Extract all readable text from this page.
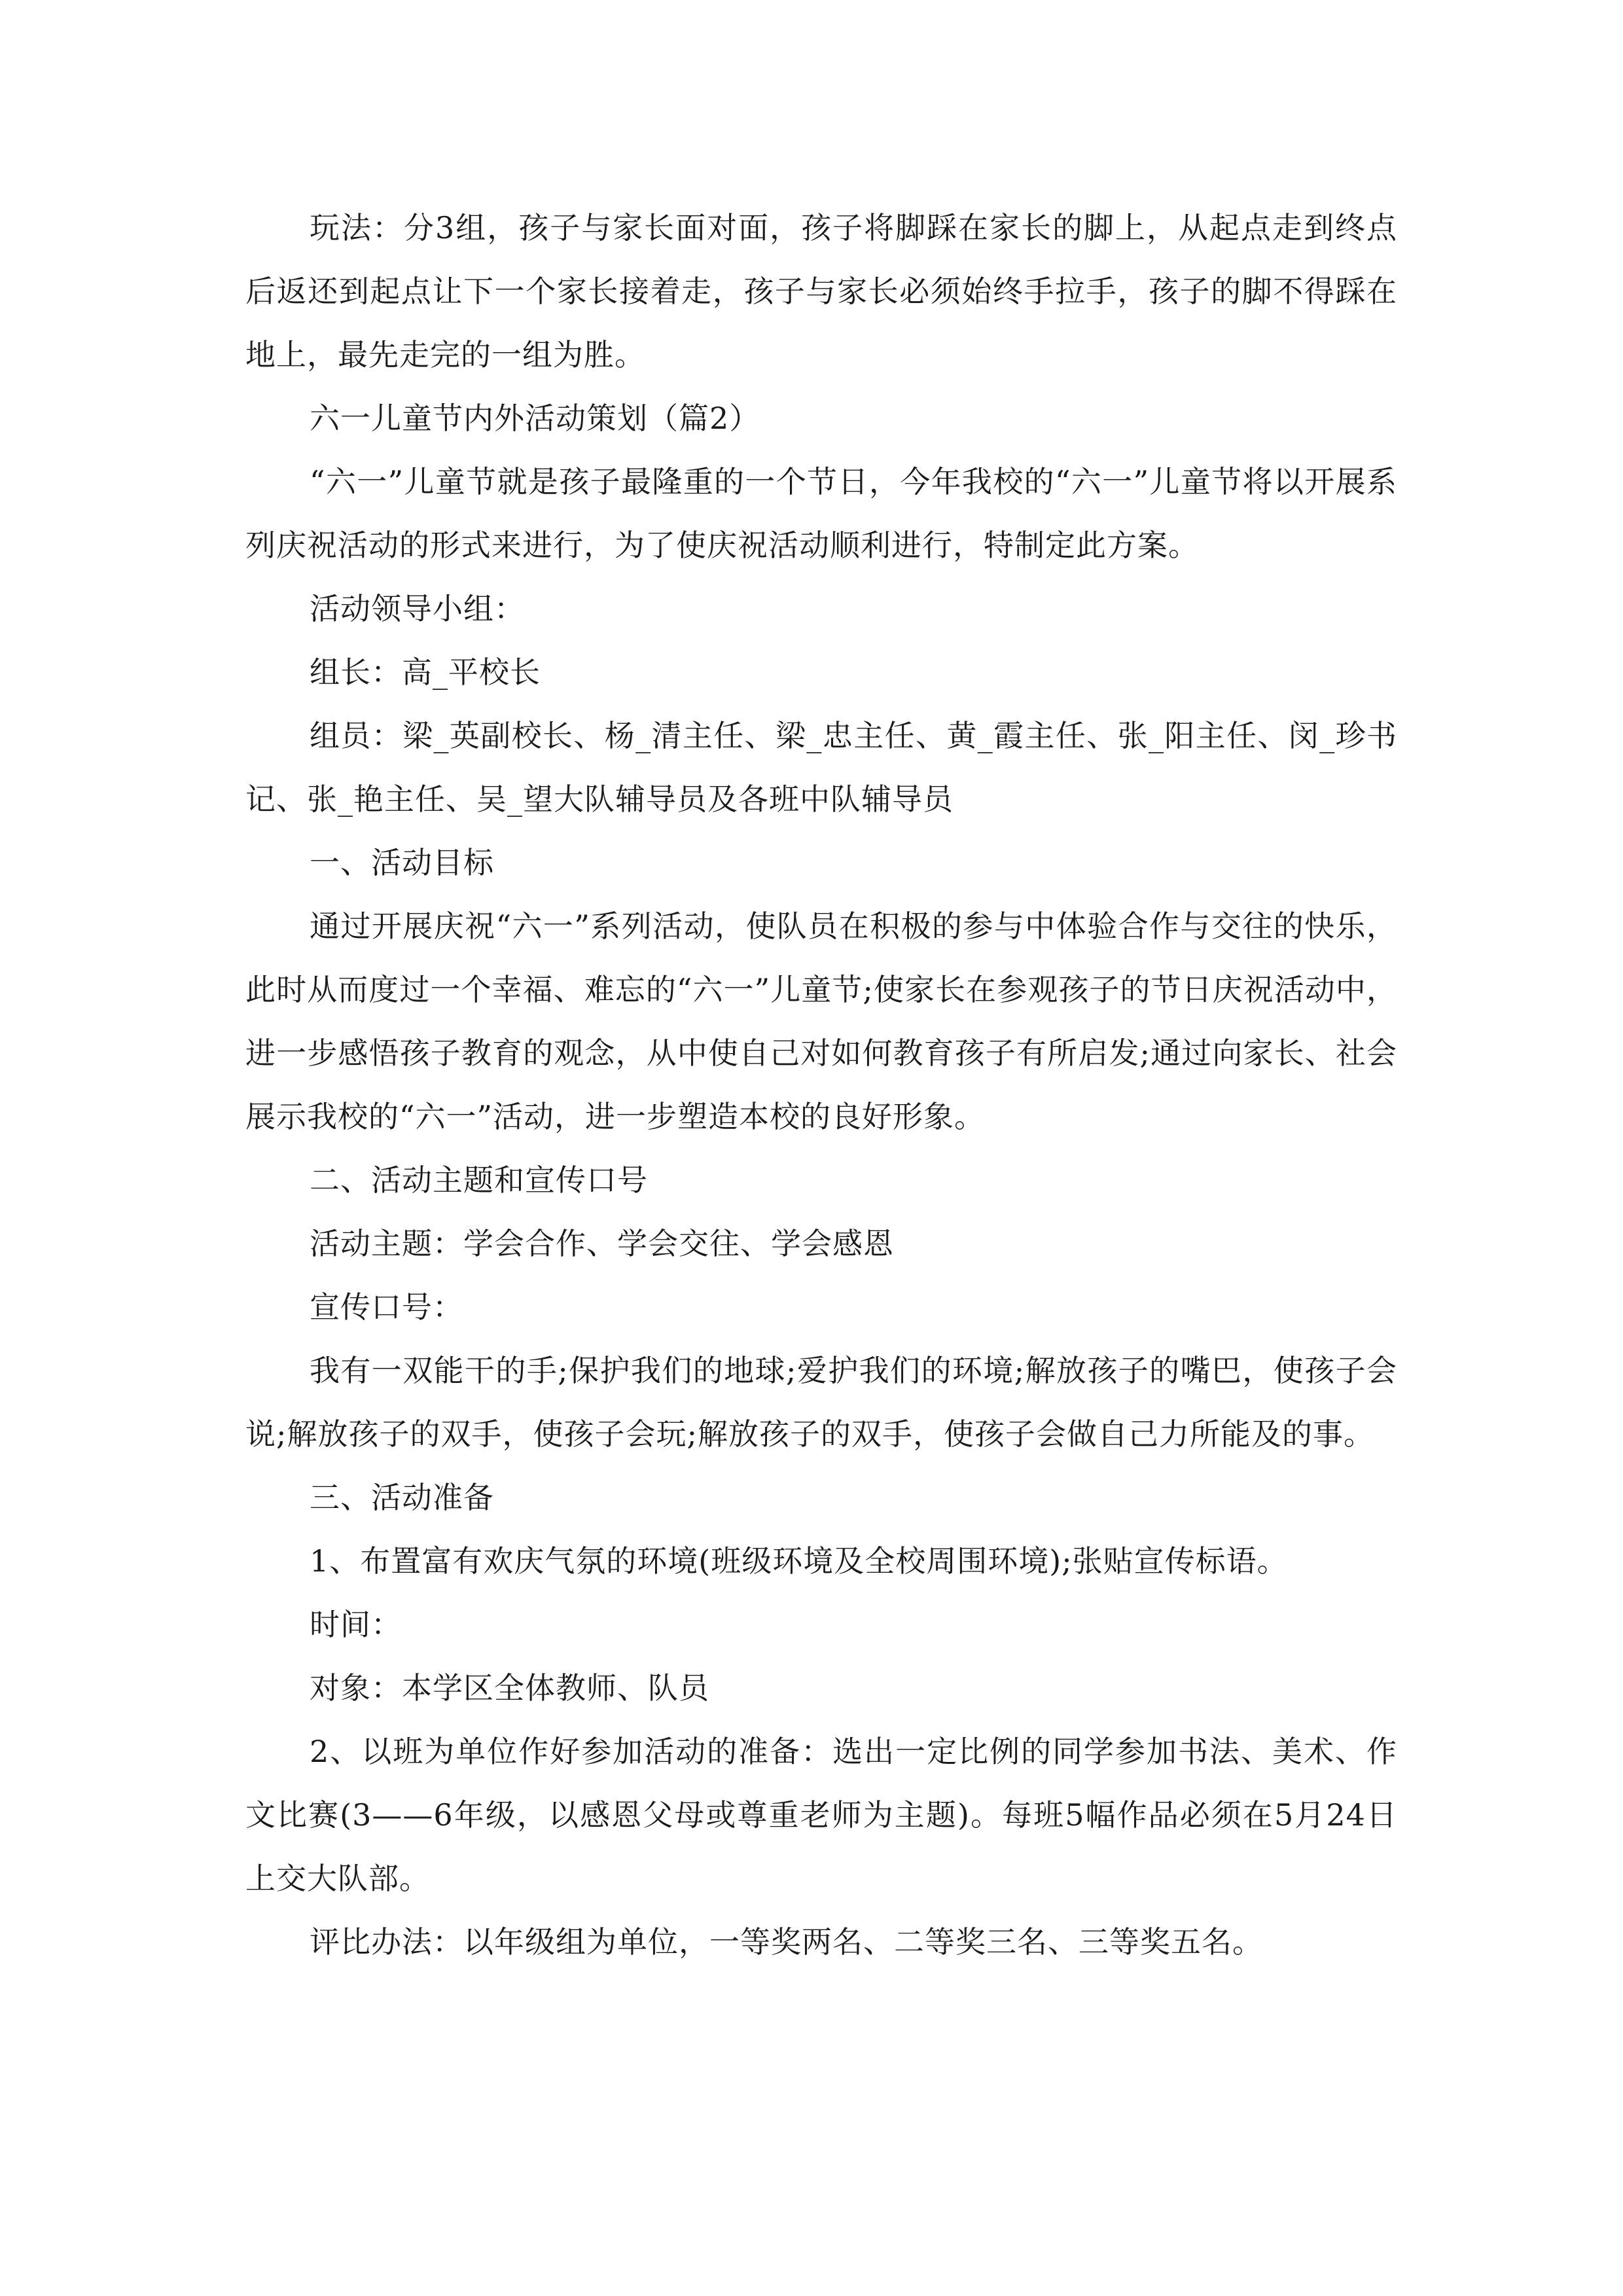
玩法：分3组，孩子与家长面对面，孩子将脚踩在家长的脚上，从起点走到终点后返还到起点让下一个家长接着走，孩子与家长必须始终手拉手，孩子的脚不得踩在地上，最先走完的一组为胜。

六一儿童节内外活动策划（篇2）

“六一”儿童节就是孩子最隆重的一个节日，今年我校的“六一”儿童节将以开展系列庆祝活动的形式来进行，为了使庆祝活动顺利进行，特制定此方案。

活动领导小组：

组长：高_平校长

组员：梁_英副校长、杨_清主任、梁_忠主任、黄_霞主任、张_阳主任、闵_珍书记、张_艳主任、吴_望大队辅导员及各班中队辅导员

一、活动目标

通过开展庆祝“六一”系列活动，使队员在积极的参与中体验合作与交往的快乐，此时从而度过一个幸福、难忘的“六一”儿童节;使家长在参观孩子的节日庆祝活动中，进一步感悟孩子教育的观念，从中使自己对如何教育孩子有所启发;通过向家长、社会展示我校的“六一”活动，进一步塑造本校的良好形象。

二、活动主题和宣传口号

活动主题：学会合作、学会交往、学会感恩

宣传口号：

我有一双能干的手;保护我们的地球;爱护我们的环境;解放孩子的嘴巴，使孩子会说;解放孩子的双手，使孩子会玩;解放孩子的双手，使孩子会做自己力所能及的事。

三、活动准备

1、布置富有欢庆气氛的环境(班级环境及全校周围环境);张贴宣传标语。

时间：

对象：本学区全体教师、队员

2、以班为单位作好参加活动的准备：选出一定比例的同学参加书法、美术、作文比赛(3——6年级，以感恩父母或尊重老师为主题)。每班5幅作品必须在5月24日上交大队部。

评比办法：以年级组为单位，一等奖两名、二等奖三名、三等奖五名。
